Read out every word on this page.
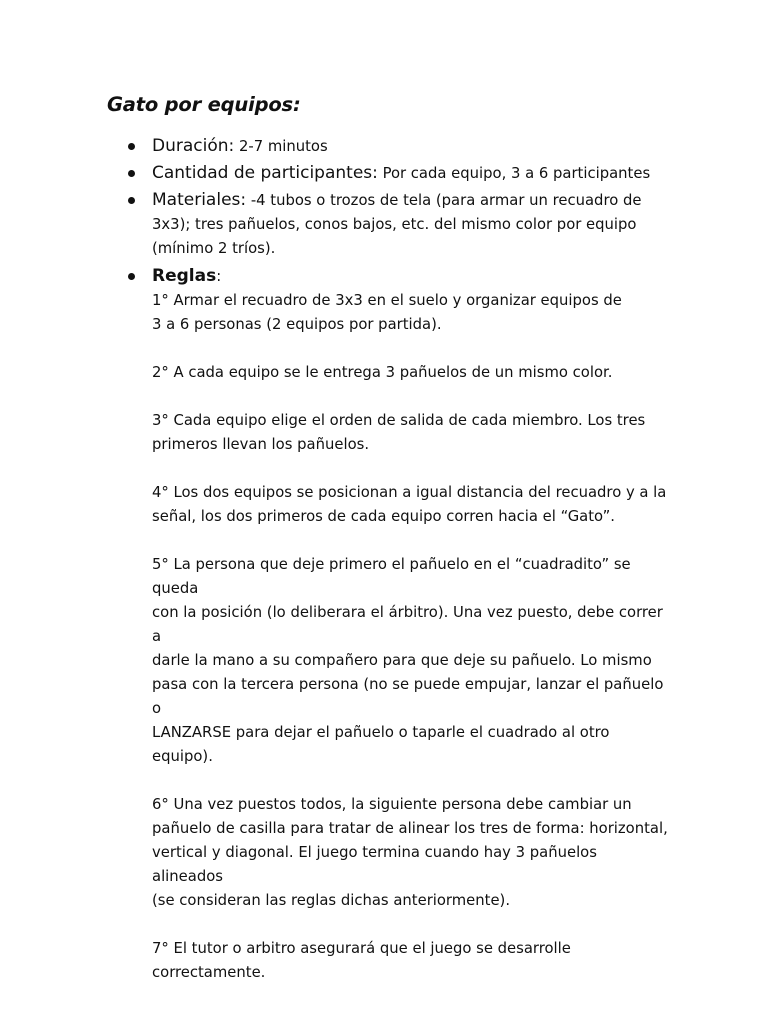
Gato por equipos:
Duración: 2-7 minutos
Cantidad de participantes: Por cada equipo, 3 a 6 participantes
Materiales: -4 tubos o trozos de tela (para armar un recuadro de
3x3); tres pañuelos, conos bajos, etc. del mismo color por equipo
(mínimo 2 tríos).
Reglas:

1° Armar el recuadro de 3x3 en el suelo y organizar equipos de
3 a 6 personas (2 equipos por partida).

2° A cada equipo se le entrega 3 pañuelos de un mismo color.

3° Cada equipo elige el orden de salida de cada miembro. Los tres
primeros llevan los pañuelos.

4° Los dos equipos se posicionan a igual distancia del recuadro y a la
señal, los dos primeros de cada equipo corren hacia el “Gato”.

5° La persona que deje primero el pañuelo en el “cuadradito” se queda
con la posición (lo deliberara el árbitro). Una vez puesto, debe correr a
darle la mano a su compañero para que deje su pañuelo. Lo mismo
pasa con la tercera persona (no se puede empujar, lanzar el pañuelo o
LANZARSE para dejar el pañuelo o taparle el cuadrado al otro equipo).

6° Una vez puestos todos, la siguiente persona debe cambiar un
pañuelo de casilla para tratar de alinear los tres de forma: horizontal,
vertical y diagonal. El juego termina cuando hay 3 pañuelos alineados
(se consideran las reglas dichas anteriormente).

7° El tutor o arbitro asegurará que el juego se desarrolle
correctamente.
